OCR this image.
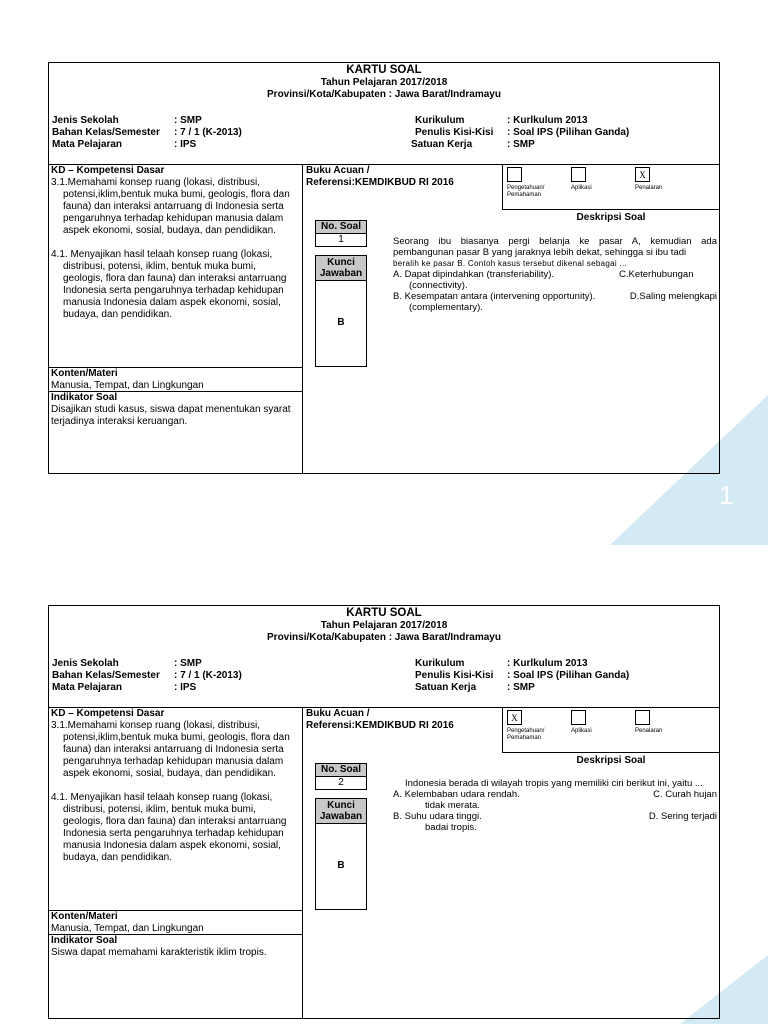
1
KARTU SOAL
Tahun Pelajaran 2017/2018
Provinsi/Kota/Kabupaten : Jawa Barat/Indramayu
Jenis Sekolah	: SMP
Bahan Kelas/Semester : 7 / 1 (K-2013)
Mata Pelajaran	: IPS
Kurikulum	: Kurlkulum 2013
Penulis Kisi-Kisi : Soal IPS (Pilihan Ganda)
Satuan Kerja	: SMP
KD – Kompetensi Dasar
3.1.Memahami konsep ruang (lokasi, distribusi, potensi,iklim,bentuk muka bumi, geologis, flora dan fauna) dan interaksi antarruang di Indonesia serta pengaruhnya terhadap kehidupan manusia dalam aspek ekonomi, sosial, budaya, dan pendidikan.
4.1. Menyajikan hasil telaah konsep ruang (lokasi, distribusi, potensi, iklim, bentuk muka bumi, geologis, flora dan fauna) dan interaksi antarruang Indonesia serta pengaruhnya terhadap kehidupan manusia Indonesia dalam aspek ekonomi, sosial, budaya, dan pendidikan.
Konten/Materi
Manusia, Tempat, dan Lingkungan
Indikator Soal
Disajikan studi kasus, siswa dapat menentukan syarat terjadinya interaksi keruangan.
Buku Acuan /
Referensi:KEMDIKBUD RI 2016	Pengetahuan/ Pemahaman
Aplikasi
X
Penalaran
Deskripsi Soal
No. Soal
1
Kunci Jawaban
B
Seorang ibu biasanya pergi belanja ke pasar A, kemudian ada pembangunan pasar B yang jaraknya lebih dekat, sehingga si ibu tadi
beralih ke pasar B. Contoh kasus tersebut dikenal sebagai ...
A. Dapat dipindahkan (transferiability).	C.Keterhubungan
(connectivity).
B. Kesempatan antara (intervening opportunity).	D.Saling melengkapi
(complementary).
KARTU SOAL
Tahun Pelajaran 2017/2018
Provinsi/Kota/Kabupaten : Jawa Barat/Indramayu
Jenis Sekolah	: SMP
Bahan Kelas/Semester : 7 / 1 (K-2013)
Mata Pelajaran	: IPS
Kurikulum	: Kurlkulum 2013
Penulis Kisi-Kisi : Soal IPS (Pilihan Ganda)
Satuan Kerja	: SMP
KD – Kompetensi Dasar
3.1.Memahami konsep ruang (lokasi, distribusi, potensi,iklim,bentuk muka bumi, geologis, flora dan fauna) dan interaksi antarruang di Indonesia serta pengaruhnya terhadap kehidupan manusia dalam aspek ekonomi, sosial, budaya, dan pendidikan.
4.1. Menyajikan hasil telaah konsep ruang (lokasi, distribusi, potensi, iklim, bentuk muka bumi, geologis, flora dan fauna) dan interaksi antarruang Indonesia serta pengaruhnya terhadap kehidupan manusia Indonesia dalam aspek ekonomi, sosial, budaya, dan pendidikan.
Konten/Materi
Manusia, Tempat, dan Lingkungan
Indikator Soal
Siswa dapat memahami karakteristik iklim tropis.
Buku Acuan /
Referensi:KEMDIKBUD RI 2016
X
Pengetahuan/ Pemahaman
Aplikasi	Penalaran
Deskripsi Soal
No. Soal
2
Kunci Jawaban
B
Indonesia berada di wilayah tropis yang memiliki ciri berikut ini, yaitu ...
A. Kelembaban udara rendah.	C. Curah hujan
tidak merata.
B. Suhu udara tinggi.	D. Sering terjadi
badai tropis.
